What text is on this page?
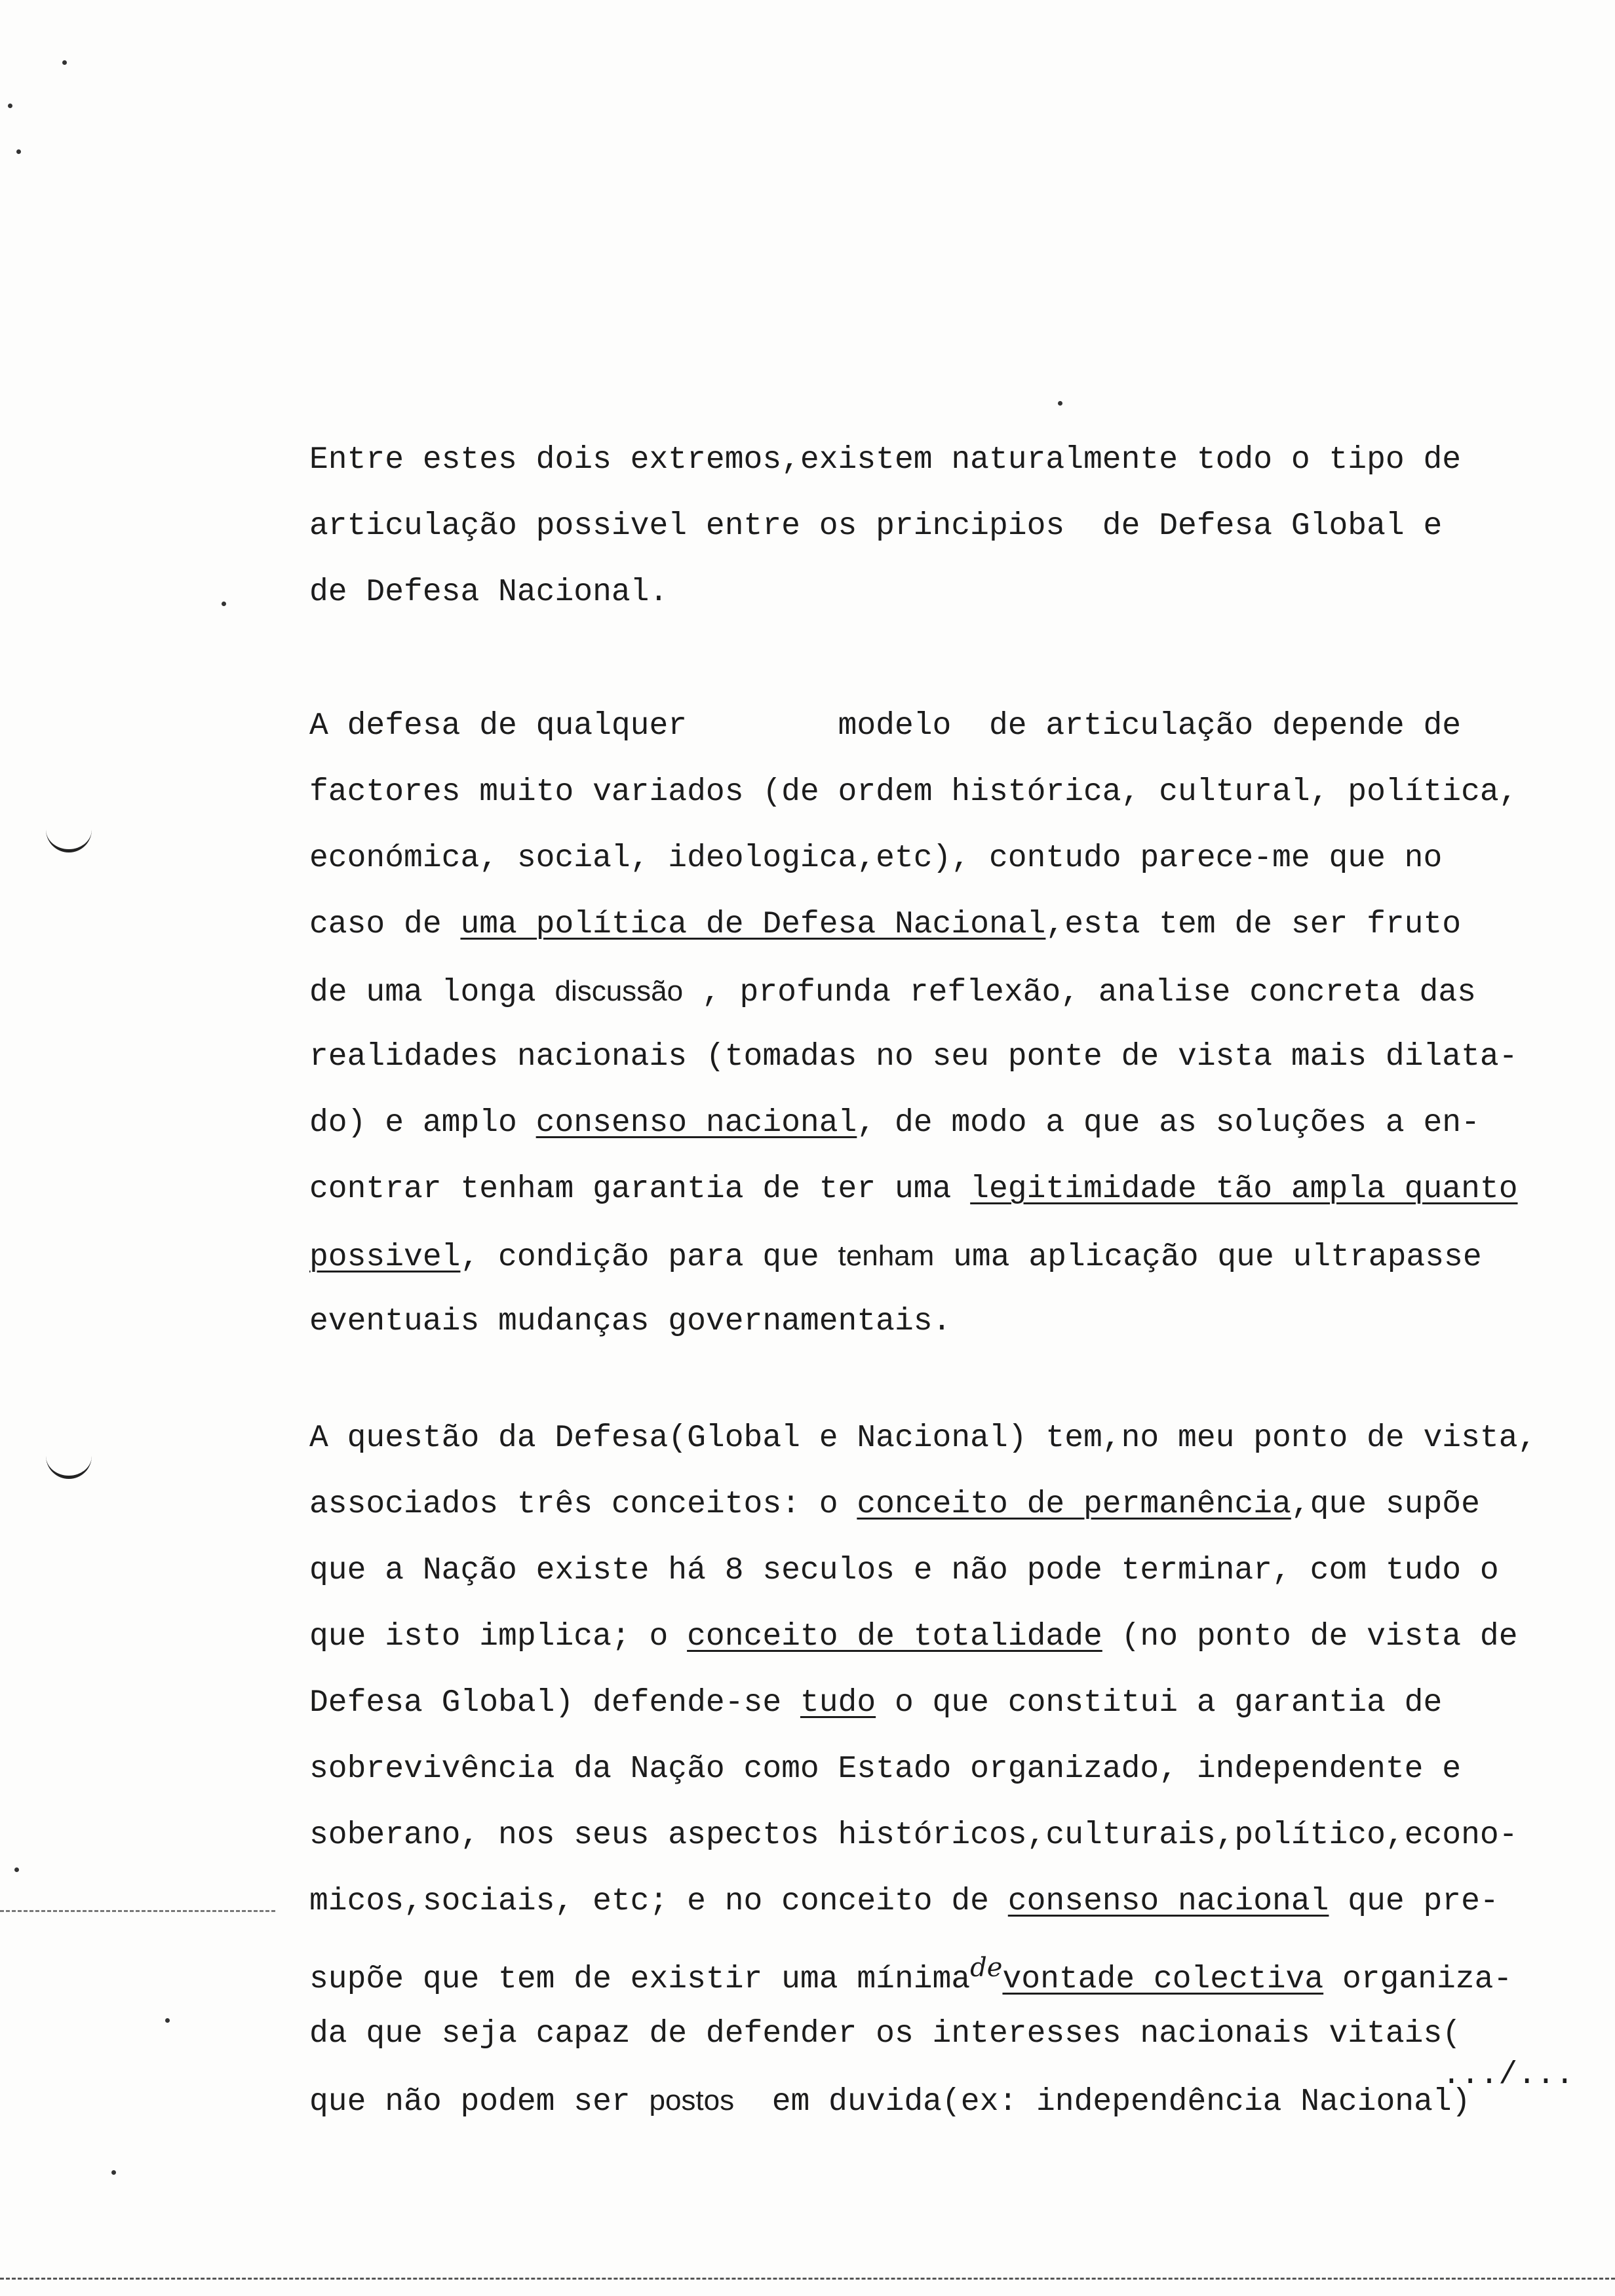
Entre estes dois extremos,existem naturalmente todo o tipo de
articulação possivel entre os principios  de Defesa Global e
de Defesa Nacional.
A defesa de qualquer        modelo  de articulação depende de
factores muito variados (de ordem histórica, cultural, política,
económica, social, ideologica,etc), contudo parece-me que no
caso de uma política de Defesa Nacional,esta tem de ser fruto
de uma longa discussão , profunda reflexão, analise concreta das
realidades nacionais (tomadas no seu ponte de vista mais dilata-
do) e amplo consenso nacional, de modo a que as soluções a en-
contrar tenham garantia de ter uma legitimidade tão ampla quanto
possivel, condição para que tenham uma aplicação que ultrapasse
eventuais mudanças governamentais.
A questão da Defesa(Global e Nacional) tem,no meu ponto de vista,
associados três conceitos: o conceito de permanência,que supõe
que a Nação existe há 8 seculos e não pode terminar, com tudo o
que isto implica; o conceito de totalidade (no ponto de vista de
Defesa Global) defende-se tudo o que constitui a garantia de
sobrevivência da Nação como Estado organizado, independente e
soberano, nos seus aspectos históricos,culturais,político,econo-
micos,sociais, etc; e no conceito de consenso nacional que pre-
supõe que tem de existir uma mínima$^{de}$vontade colectiva organiza-
da que seja capaz de defender os interesses nacionais vitais(
que não podem ser postos  em duvida(ex: independência Nacional)
.../...
